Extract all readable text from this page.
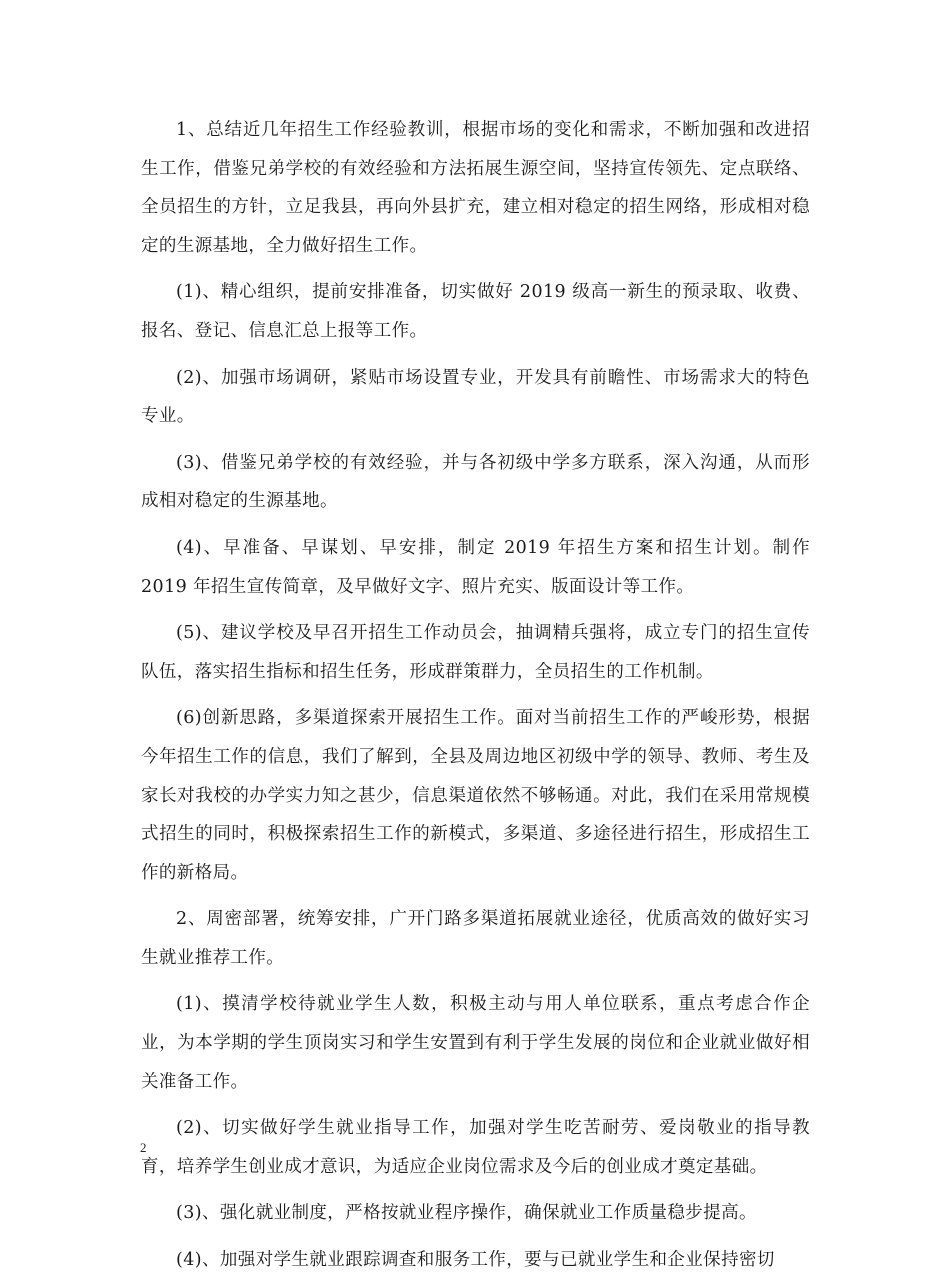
1、总结近几年招生工作经验教训，根据市场的变化和需求，不断加强和改进招生工作，借鉴兄弟学校的有效经验和方法拓展生源空间，坚持宣传领先、定点联络、全员招生的方针，立足我县，再向外县扩充，建立相对稳定的招生网络，形成相对稳定的生源基地，全力做好招生工作。

(1)、精心组织，提前安排准备，切实做好 2019 级高一新生的预录取、收费、报名、登记、信息汇总上报等工作。

(2)、加强市场调研，紧贴市场设置专业，开发具有前瞻性、市场需求大的特色专业。

(3)、借鉴兄弟学校的有效经验，并与各初级中学多方联系，深入沟通，从而形成相对稳定的生源基地。

(4)、早准备、早谋划、早安排，制定 2019 年招生方案和招生计划。制作 2019 年招生宣传简章，及早做好文字、照片充实、版面设计等工作。

(5)、建议学校及早召开招生工作动员会，抽调精兵强将，成立专门的招生宣传队伍，落实招生指标和招生任务，形成群策群力，全员招生的工作机制。

(6)创新思路，多渠道探索开展招生工作。面对当前招生工作的严峻形势，根据今年招生工作的信息，我们了解到，全县及周边地区初级中学的领导、教师、考生及家长对我校的办学实力知之甚少，信息渠道依然不够畅通。对此，我们在采用常规模式招生的同时，积极探索招生工作的新模式，多渠道、多途径进行招生，形成招生工作的新格局。

2、周密部署，统筹安排，广开门路多渠道拓展就业途径，优质高效的做好实习生就业推荐工作。

(1)、摸清学校待就业学生人数，积极主动与用人单位联系，重点考虑合作企业，为本学期的学生顶岗实习和学生安置到有利于学生发展的岗位和企业就业做好相关准备工作。

(2)、切实做好学生就业指导工作，加强对学生吃苦耐劳、爱岗敬业的指导教育，培养学生创业成才意识，为适应企业岗位需求及今后的创业成才奠定基础。

(3)、强化就业制度，严格按就业程序操作，确保就业工作质量稳步提高。

(4)、加强对学生就业跟踪调查和服务工作，要与已就业学生和企业保持密切

2
